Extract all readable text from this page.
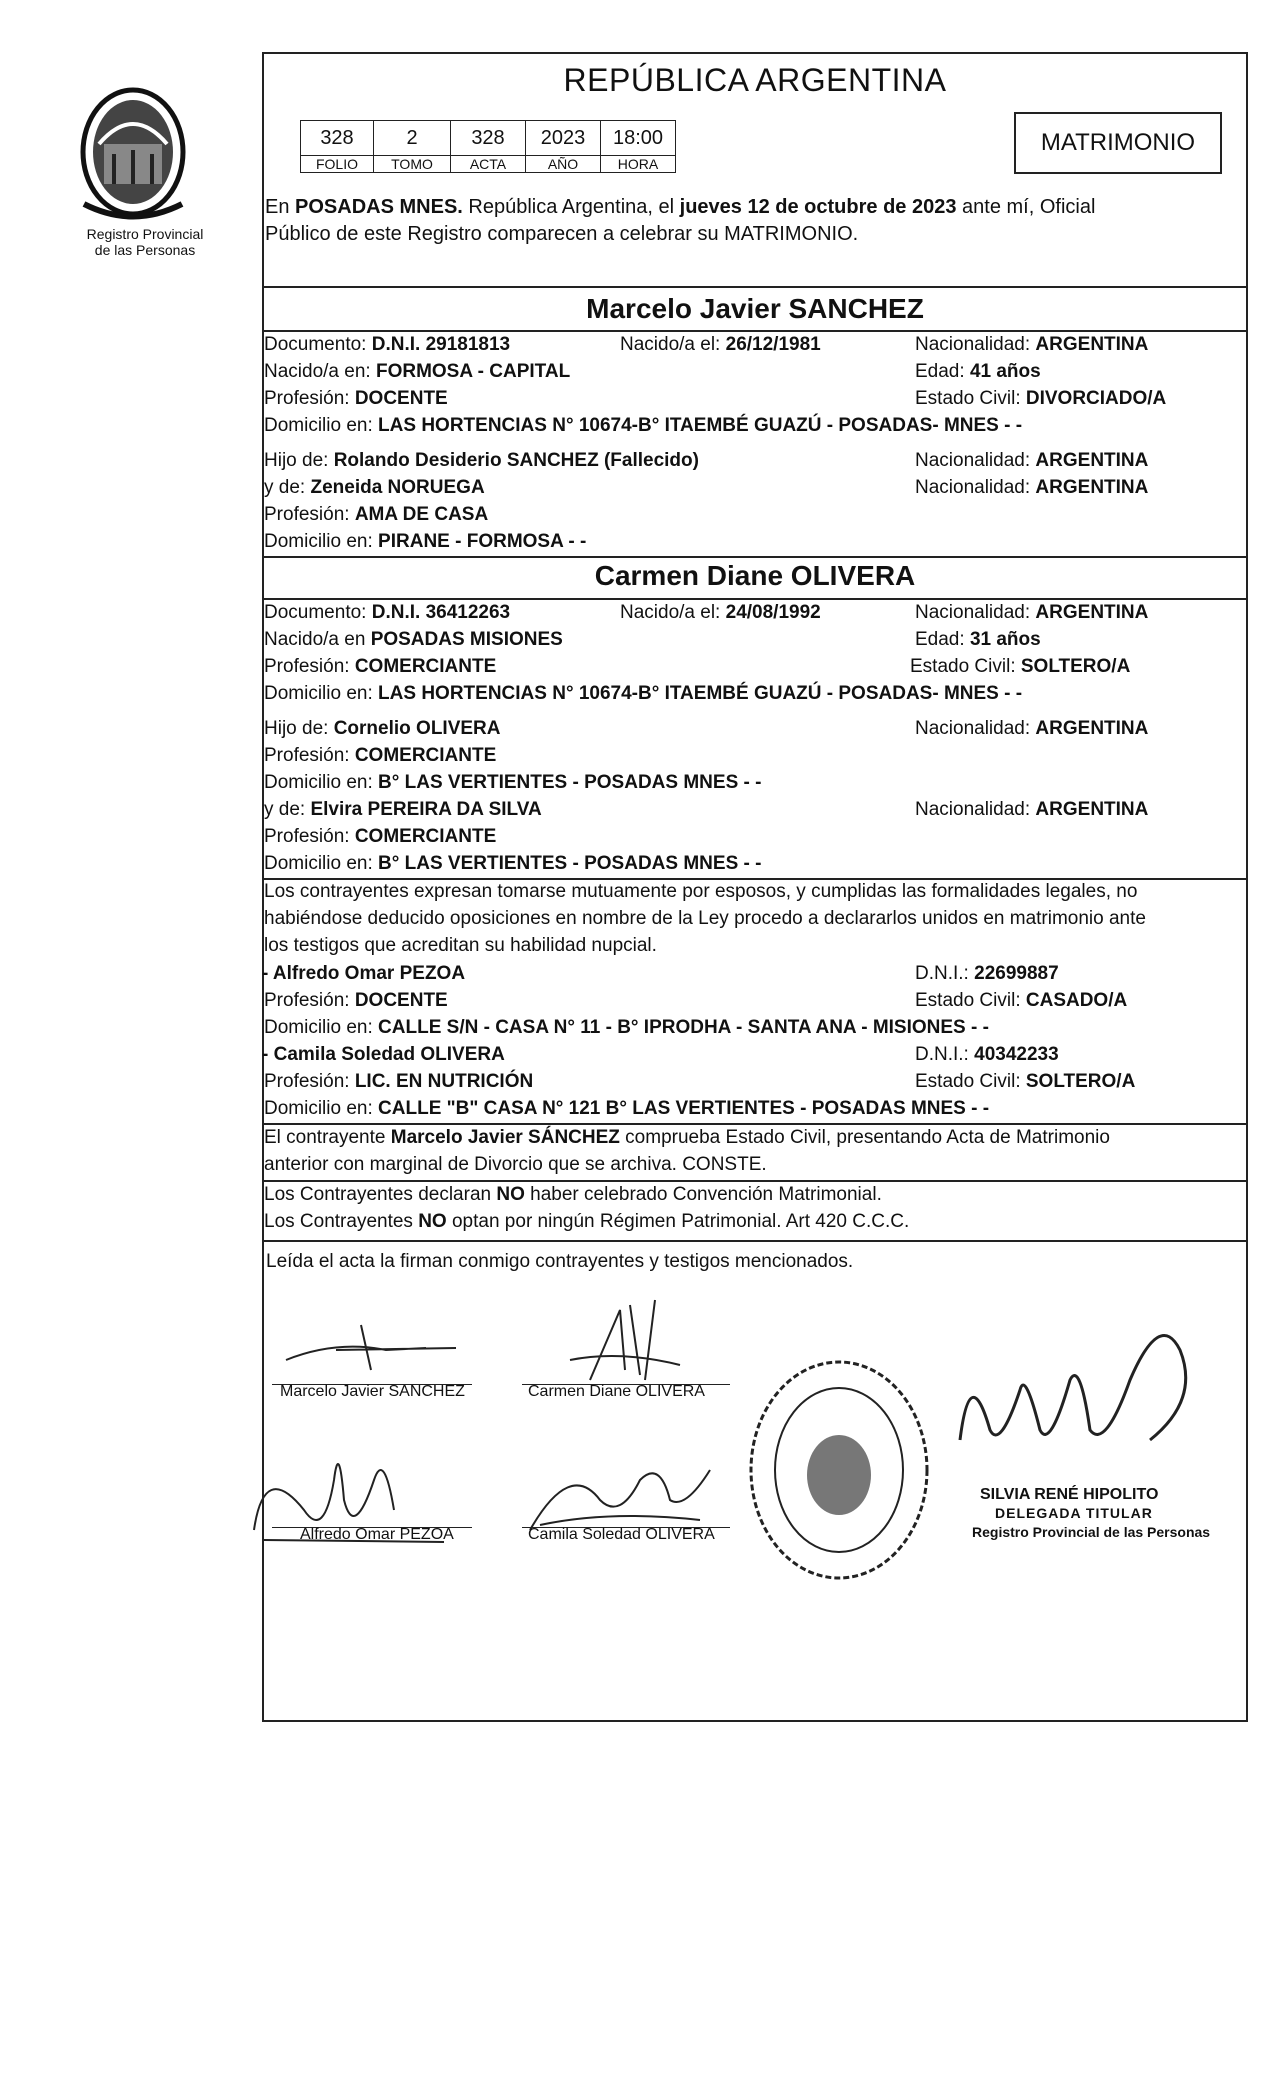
Registro Provincial
de las Personas
REPÚBLICA ARGENTINA
328	2	328	2023	18:00
FOLIO	TOMO	ACTA	AÑO	HORA
MATRIMONIO
En POSADAS MNES. República Argentina, el jueves 12 de octubre de 2023 ante mí, Oficial
Público de este Registro comparecen a celebrar su MATRIMONIO.
Marcelo Javier SANCHEZ
Documento: D.N.I. 29181813	Nacido/a el: 26/12/1981	Nacionalidad: ARGENTINA
Nacido/a en: FORMOSA - CAPITAL	Edad: 41 años
Profesión: DOCENTE	Estado Civil: DIVORCIADO/A
Domicilio en: LAS HORTENCIAS N° 10674-B° ITAEMBÉ GUAZÚ - POSADAS- MNES - -
Hijo de: Rolando Desiderio SANCHEZ (Fallecido)	Nacionalidad: ARGENTINA
y de: Zeneida NORUEGA	Nacionalidad: ARGENTINA
Profesión: AMA DE CASA
Domicilio en: PIRANE - FORMOSA - -
Carmen Diane OLIVERA
Documento: D.N.I. 36412263	Nacido/a el: 24/08/1992	Nacionalidad: ARGENTINA
Nacido/a en POSADAS MISIONES	Edad: 31 años
Profesión: COMERCIANTE	Estado Civil: SOLTERO/A
Domicilio en: LAS HORTENCIAS N° 10674-B° ITAEMBÉ GUAZÚ - POSADAS- MNES - -
Hijo de: Cornelio OLIVERA	Nacionalidad: ARGENTINA
Profesión: COMERCIANTE
Domicilio en: B° LAS VERTIENTES - POSADAS MNES - -
y de: Elvira PEREIRA DA SILVA	Nacionalidad: ARGENTINA
Profesión: COMERCIANTE
Domicilio en: B° LAS VERTIENTES - POSADAS MNES - -
Los contrayentes expresan tomarse mutuamente por esposos, y cumplidas las formalidades legales, no
habiéndose deducido oposiciones en nombre de la Ley procedo a declararlos unidos en matrimonio ante
los testigos que acreditan su habilidad nupcial.
- Alfredo Omar PEZOA	D.N.I.: 22699887
Profesión: DOCENTE	Estado Civil: CASADO/A
Domicilio en: CALLE S/N - CASA N° 11 - B° IPRODHA - SANTA ANA - MISIONES - -
- Camila Soledad OLIVERA	D.N.I.: 40342233
Profesión: LIC. EN NUTRICIÓN	Estado Civil: SOLTERO/A
Domicilio en: CALLE "B" CASA N° 121 B° LAS VERTIENTES - POSADAS MNES - -
El contrayente Marcelo Javier SÁNCHEZ comprueba Estado Civil, presentando Acta de Matrimonio
anterior con marginal de Divorcio que se archiva. CONSTE.
Los Contrayentes declaran NO haber celebrado Convención Matrimonial.
Los Contrayentes NO optan por ningún Régimen Patrimonial. Art 420 C.C.C.
Leída el acta la firman conmigo contrayentes y testigos mencionados.
Marcelo Javier SANCHEZ	Carmen Diane OLIVERA
Alfredo Omar PEZOA	Camila Soledad OLIVERA
SILVIA RENÉ HIPOLITO
DELEGADA TITULAR
Registro Provincial de las Personas
